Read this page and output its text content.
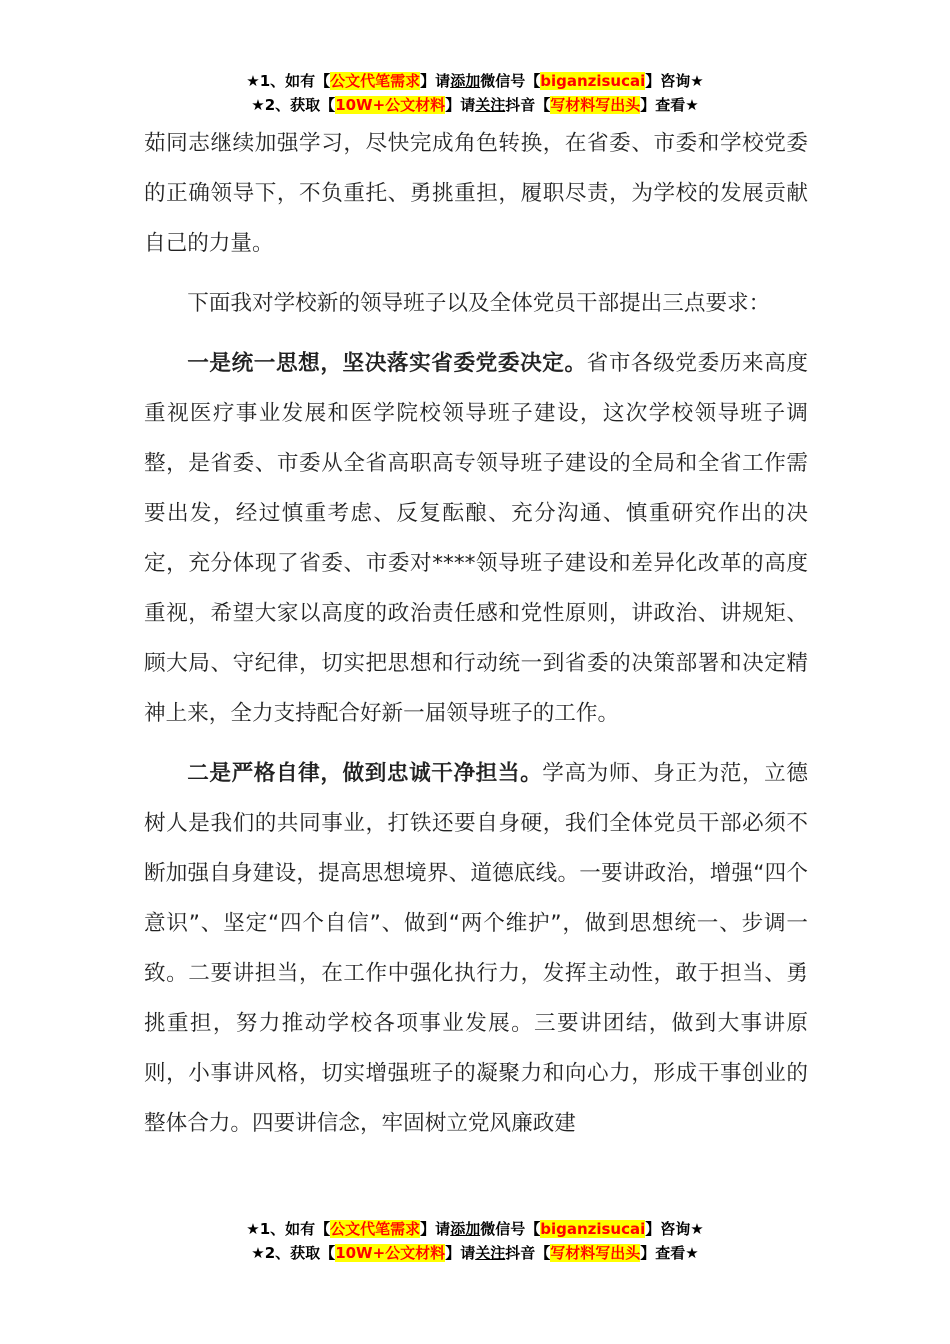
★1、如有【公文代笔需求】请添加微信号【biganzisucai】咨询★
★2、获取【10W+公文材料】请关注抖音【写材料写出头】查看★

茹同志继续加强学习，尽快完成角色转换，在省委、市委和学校党委的正确领导下，不负重托、勇挑重担，履职尽责，为学校的发展贡献自己的力量。

下面我对学校新的领导班子以及全体党员干部提出三点要求：

一是统一思想，坚决落实省委党委决定。省市各级党委历来高度重视医疗事业发展和医学院校领导班子建设，这次学校领导班子调整，是省委、市委从全省高职高专领导班子建设的全局和全省工作需要出发，经过慎重考虑、反复酝酿、充分沟通、慎重研究作出的决定，充分体现了省委、市委对****领导班子建设和差异化改革的高度重视，希望大家以高度的政治责任感和党性原则，讲政治、讲规矩、顾大局、守纪律，切实把思想和行动统一到省委的决策部署和决定精神上来，全力支持配合好新一届领导班子的工作。

二是严格自律，做到忠诚干净担当。学高为师、身正为范，立德树人是我们的共同事业，打铁还要自身硬，我们全体党员干部必须不断加强自身建设，提高思想境界、道德底线。一要讲政治，增强“四个意识”、坚定“四个自信”、做到“两个维护”，做到思想统一、步调一致。二要讲担当，在工作中强化执行力，发挥主动性，敢于担当、勇挑重担，努力推动学校各项事业发展。三要讲团结，做到大事讲原则，小事讲风格，切实增强班子的凝聚力和向心力，形成干事创业的整体合力。四要讲信念，牢固树立党风廉政建

★1、如有【公文代笔需求】请添加微信号【biganzisucai】咨询★
★2、获取【10W+公文材料】请关注抖音【写材料写出头】查看★
